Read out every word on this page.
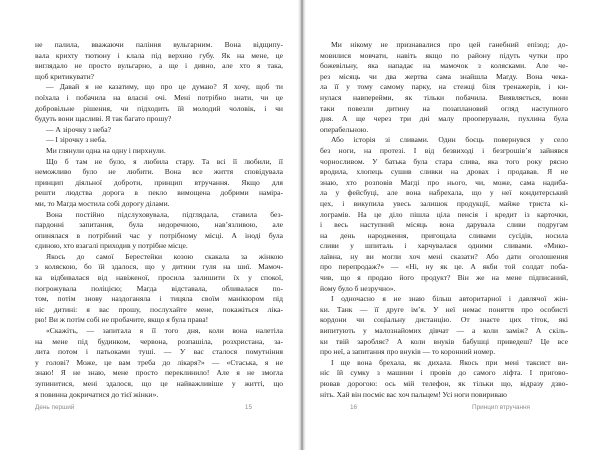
не палила, вважаючи паління вульгарним. Вона відщипу-
вала крихту тютюну і клала під верхню губу. Як на мене, це
виглядало не просто вульгарно, а ще і дивно, але хто я така,
щоб критикувати?
— Давай я не казатиму, що про це думаю? Я хочу, щоб ти
поїхала і побачила на власні очі. Мені потрібно знати, чи це
добровільне рішення, чи підходить їй молодий чоловік, і чи
будуть вони щасливі. Я так багато прошу?
— А зірочку з неба?
— І зірочку з неба.
Ми глянули одна на одну і пирхнули.
Що б там не було, я любила стару. Та всі її любили, її
неможливо було не любити. Вона все життя сповідувала
принцип діяльної доброти, принцип втручання. Якщо для
решти людства дорога в пекло вимощена добрими наміра-
ми, то Магда мостила собі дорогу ділами.
Вона постійно підслуховувала, підглядала, ставила без-
пардонні запитання, була недоречною, нав’язливою, але
опинялася в потрібний час у потрібному місці. А іноді була
єдиною, хто взагалі приходив у потрібне місце.
Якось до самої Берестейки козою скакала за жінкою
з коляскою, бо їй здалося, що у дитини гуля на шиї. Мамоч-
ка відбивалася від навіженої, просила залишити їх у спокої,
погрожувала поліцією; Магда відставала, обливалася по-
том, потім знову наздоганяла і тицяла своїм манікюром під
ніс дитині: я вас прошу, послухайте мене, покажіться ліка-
рю! Ви ж потім собі не пробачите, якщо я була права!
«Скажіть, — запитала я її того дня, коли вона налетіла
на мене під будинком, червона, розпашіла, розхристана, за-
лита потом і патьоками туші. — У вас сталося помутніння
у голові? Може, це вам треба до лікаря?» — «Стаська, я не
знаю! Я не знаю, мене просто переклинило! Але я не змогла
зупинитися, мені здалося, що це найважливіше у житті, що
я повинна докричатися до тієї жінки».
День перший	15
Ми нікому не признавалися про цей ганебний епізод; до-
мовилися мовчати, навіть якщо по району підуть чутки про
божевільну, яка нападає на мамочок з колясками. Але че-
рез місяць чи два жертва сама знайшла Магду. Вона чека-
ла її у тому самому парку, на стежці біля тренажерів, і ки-
нулася навперейми, як тільки побачила. Виявляється, вони
таки повезли дитину на позаплановий огляд наступного
дня. А ще через три дні малу прооперували, пухлина була
операбельною.
Або історія зі сливами. Один боєць повернувся у село
без ноги, на протезі. І від безвиході і безгрошів’я зайнявся
чорносливом. У батька була стара слива, яка того року рясно
вродила, хлопець сушив сливки на дровах і продавав. Я не
знаю, хто розповів Магді про нього, чи, може, сама надиба-
ла у фейсбуці, але вона набрехала, що у неї кондитерський
цех, і викупила увесь залишок продукції, майже триста кі-
лограмів. На це діло пішла ціла пенсія і кредит із карточки,
і весь наступний місяць вона дарувала сливи подругам
на день народження, пригощала сливами сусідів, носила
сливи у шпиталь і харчувалася одними сливами. «Мико-
лаївна, ну ви могли хоч мені сказати? Або дати оголошення
про перепродаж?» — «Ні, ну як це. А якби той солдат поба-
чив, що я продаю його продукт? Він же на мене підписаний,
йому було б незручно».
І одночасно я не знаю більш авторитарної і давлячої жін-
ки. Танк — її друге ім’я. У неї немає поняття про особисті
кордони чи соціальну дистанцію. От знаєте цих тіток, які
випитують у малознайомих дівчат — а коли заміж? А скіль-
ки твій заробляє? А коли внуків бабушці приведеш? Це все
про неї, а запитання про внуків — то коронний номер.
І ще вона брехала, як дихала. Якось при мені таксист ви-
ніс їй сумку з машини і провів до самого ліфта. І пригово-
рював дорогою: ось мій телефон, як тільки що, відразу дзво-
ніть. Хай він посміє вас хоч пальцем! Усі ноги повириваю
16	Принцип втручання
